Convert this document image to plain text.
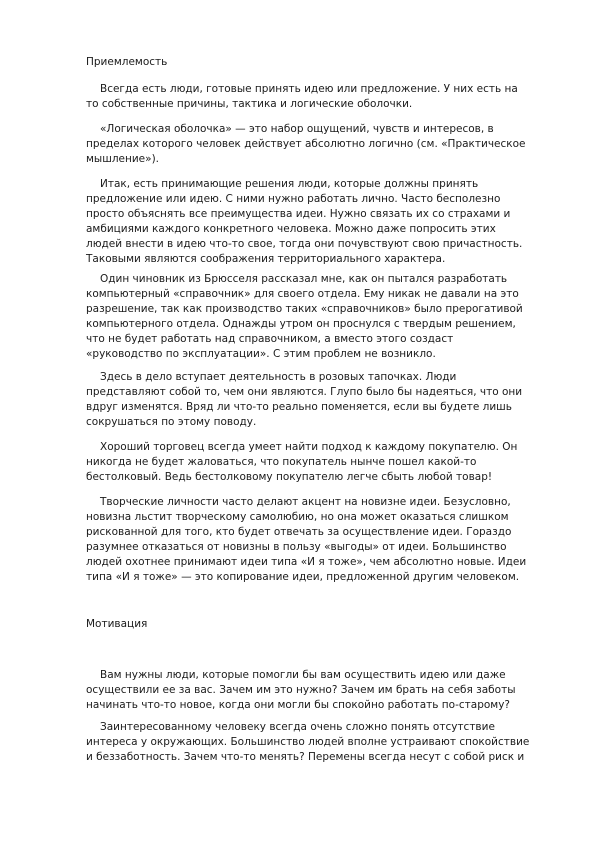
Приемлемость
Всегда есть люди, готовые принять идею или предложение. У них есть на
то собственные причины, тактика и логические оболочки.
«Логическая оболочка» — это набор ощущений, чувств и интересов, в
пределах которого человек действует абсолютно логично (см. «Практическое
мышление»).
Итак, есть принимающие решения люди, которые должны принять
предложение или идею. С ними нужно работать лично. Часто бесполезно
просто объяснять все преимущества идеи. Нужно связать их со страхами и
амбициями каждого конкретного человека. Можно даже попросить этих
людей внести в идею что-то свое, тогда они почувствуют свою причастность.
Таковыми являются соображения территориального характера.
Один чиновник из Брюсселя рассказал мне, как он пытался разработать
компьютерный «справочник» для своего отдела. Ему никак не давали на это
разрешение, так как производство таких «справочников» было прерогативой
компьютерного отдела. Однажды утром он проснулся с твердым решением,
что не будет работать над справочником, а вместо этого создаст
«руководство по эксплуатации». С этим проблем не возникло.
Здесь в дело вступает деятельность в розовых тапочках. Люди
представляют собой то, чем они являются. Глупо было бы надеяться, что они
вдруг изменятся. Вряд ли что-то реально поменяется, если вы будете лишь
сокрушаться по этому поводу.
Хороший торговец всегда умеет найти подход к каждому покупателю. Он
никогда не будет жаловаться, что покупатель нынче пошел какой-то
бестолковый. Ведь бестолковому покупателю легче сбыть любой товар!
Творческие личности часто делают акцент на новизне идеи. Безусловно,
новизна льстит творческому самолюбию, но она может оказаться слишком
рискованной для того, кто будет отвечать за осуществление идеи. Гораздо
разумнее отказаться от новизны в пользу «выгоды» от идеи. Большинство
людей охотнее принимают идеи типа «И я тоже», чем абсолютно новые. Идеи
типа «И я тоже» — это копирование идеи, предложенной другим человеком.
Мотивация
Вам нужны люди, которые помогли бы вам осуществить идею или даже
осуществили ее за вас. Зачем им это нужно? Зачем им брать на себя заботы
начинать что-то новое, когда они могли бы спокойно работать по-старому?
Заинтересованному человеку всегда очень сложно понять отсутствие
интереса у окружающих. Большинство людей вполне устраивают спокойствие
и беззаботность. Зачем что-то менять? Перемены всегда несут с собой риск и
